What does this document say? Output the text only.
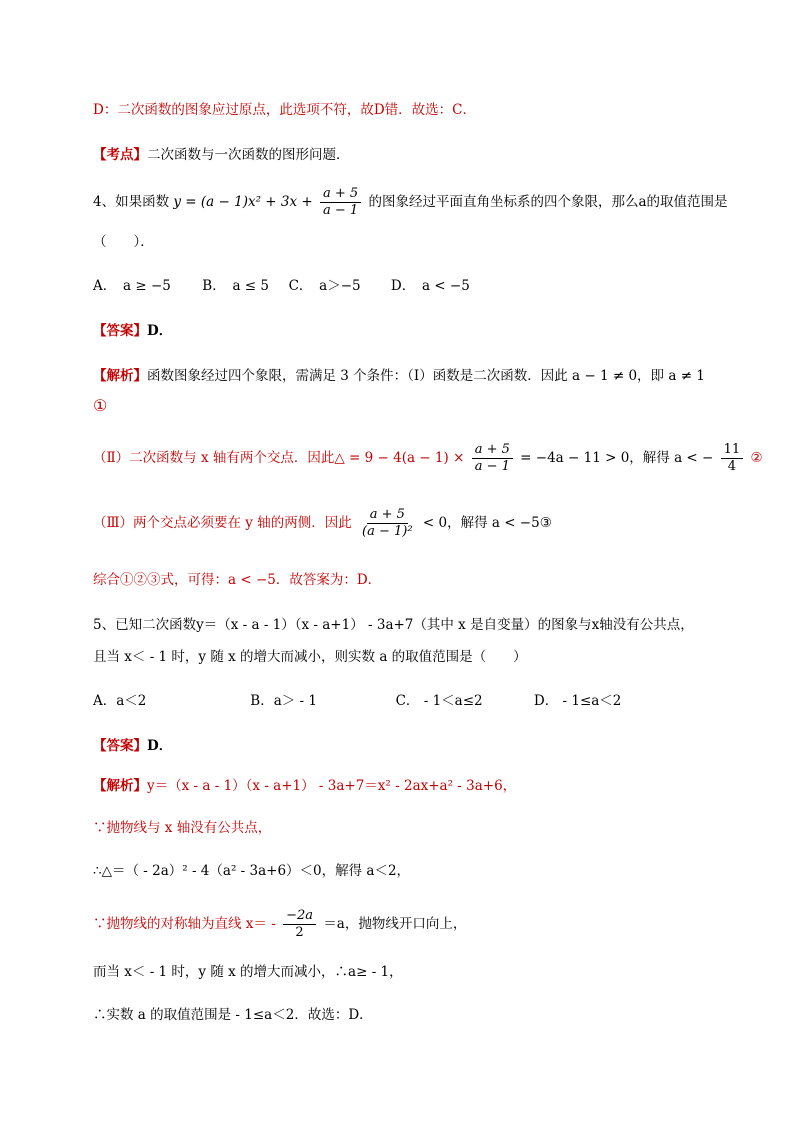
D：二次函数的图象应过原点，此选项不符，故D错．故选：C．
【考点】二次函数与一次函数的图形问题．
4、如果函数 $y = (a - 1)x^2 + 3x + \frac{a + 5}{a - 1}$ 的图象经过平面直角坐标系的四个象限，那么a的取值范围是
（　　）．
A．　a ≥ −5 B．　a ≤ 5 C．　a＞−5 D．　a < −5
【答案】D．
【解析】函数图象经过四个象限，需满足 3 个条件：（Ⅰ）函数是二次函数．因此 a − 1 ≠ 0，即 a ≠ 1
①
（Ⅱ）二次函数与 x 轴有两个交点．因此△ = $9 - 4(a - 1) \times \frac{a + 5}{a - 1} = -4a - 11 > 0$，解得 a < − $\frac{11}{4}$ ②
（Ⅲ）两个交点必须要在 y 轴的两侧．因此 $\frac{a + 5}{\text{(a − 1)²}} < 0$，解得 a < −5③
综合①②③式，可得：a < −5．故答案为：D．
5、已知二次函数y＝（x - a - 1）（x - a+1） - 3a+7（其中 x 是自变量）的图象与x轴没有公共点，
且当 x＜ - 1 时，y 随 x 的增大而减小，则实数 a 的取值范围是（　　）
A．a＜2	B．a＞ - 1	C． - 1＜a≤2	D． - 1≤a＜2
【答案】D．
【解析】y＝（x - a - 1）（x - a+1） - 3a+7＝x² - 2ax+a² - 3a+6，
∵抛物线与 x 轴没有公共点，
∴△＝（ - 2a）² - 4（a² - 3a+6）＜0，解得 a＜2，
∵抛物线的对称轴为直线 $x= - \frac{-2a}{2} =a$，抛物线开口向上，
而当 x＜ - 1 时，y 随 x 的增大而减小，∴a≥ - 1，
∴实数 a 的取值范围是 - 1≤a＜2．故选：D．
